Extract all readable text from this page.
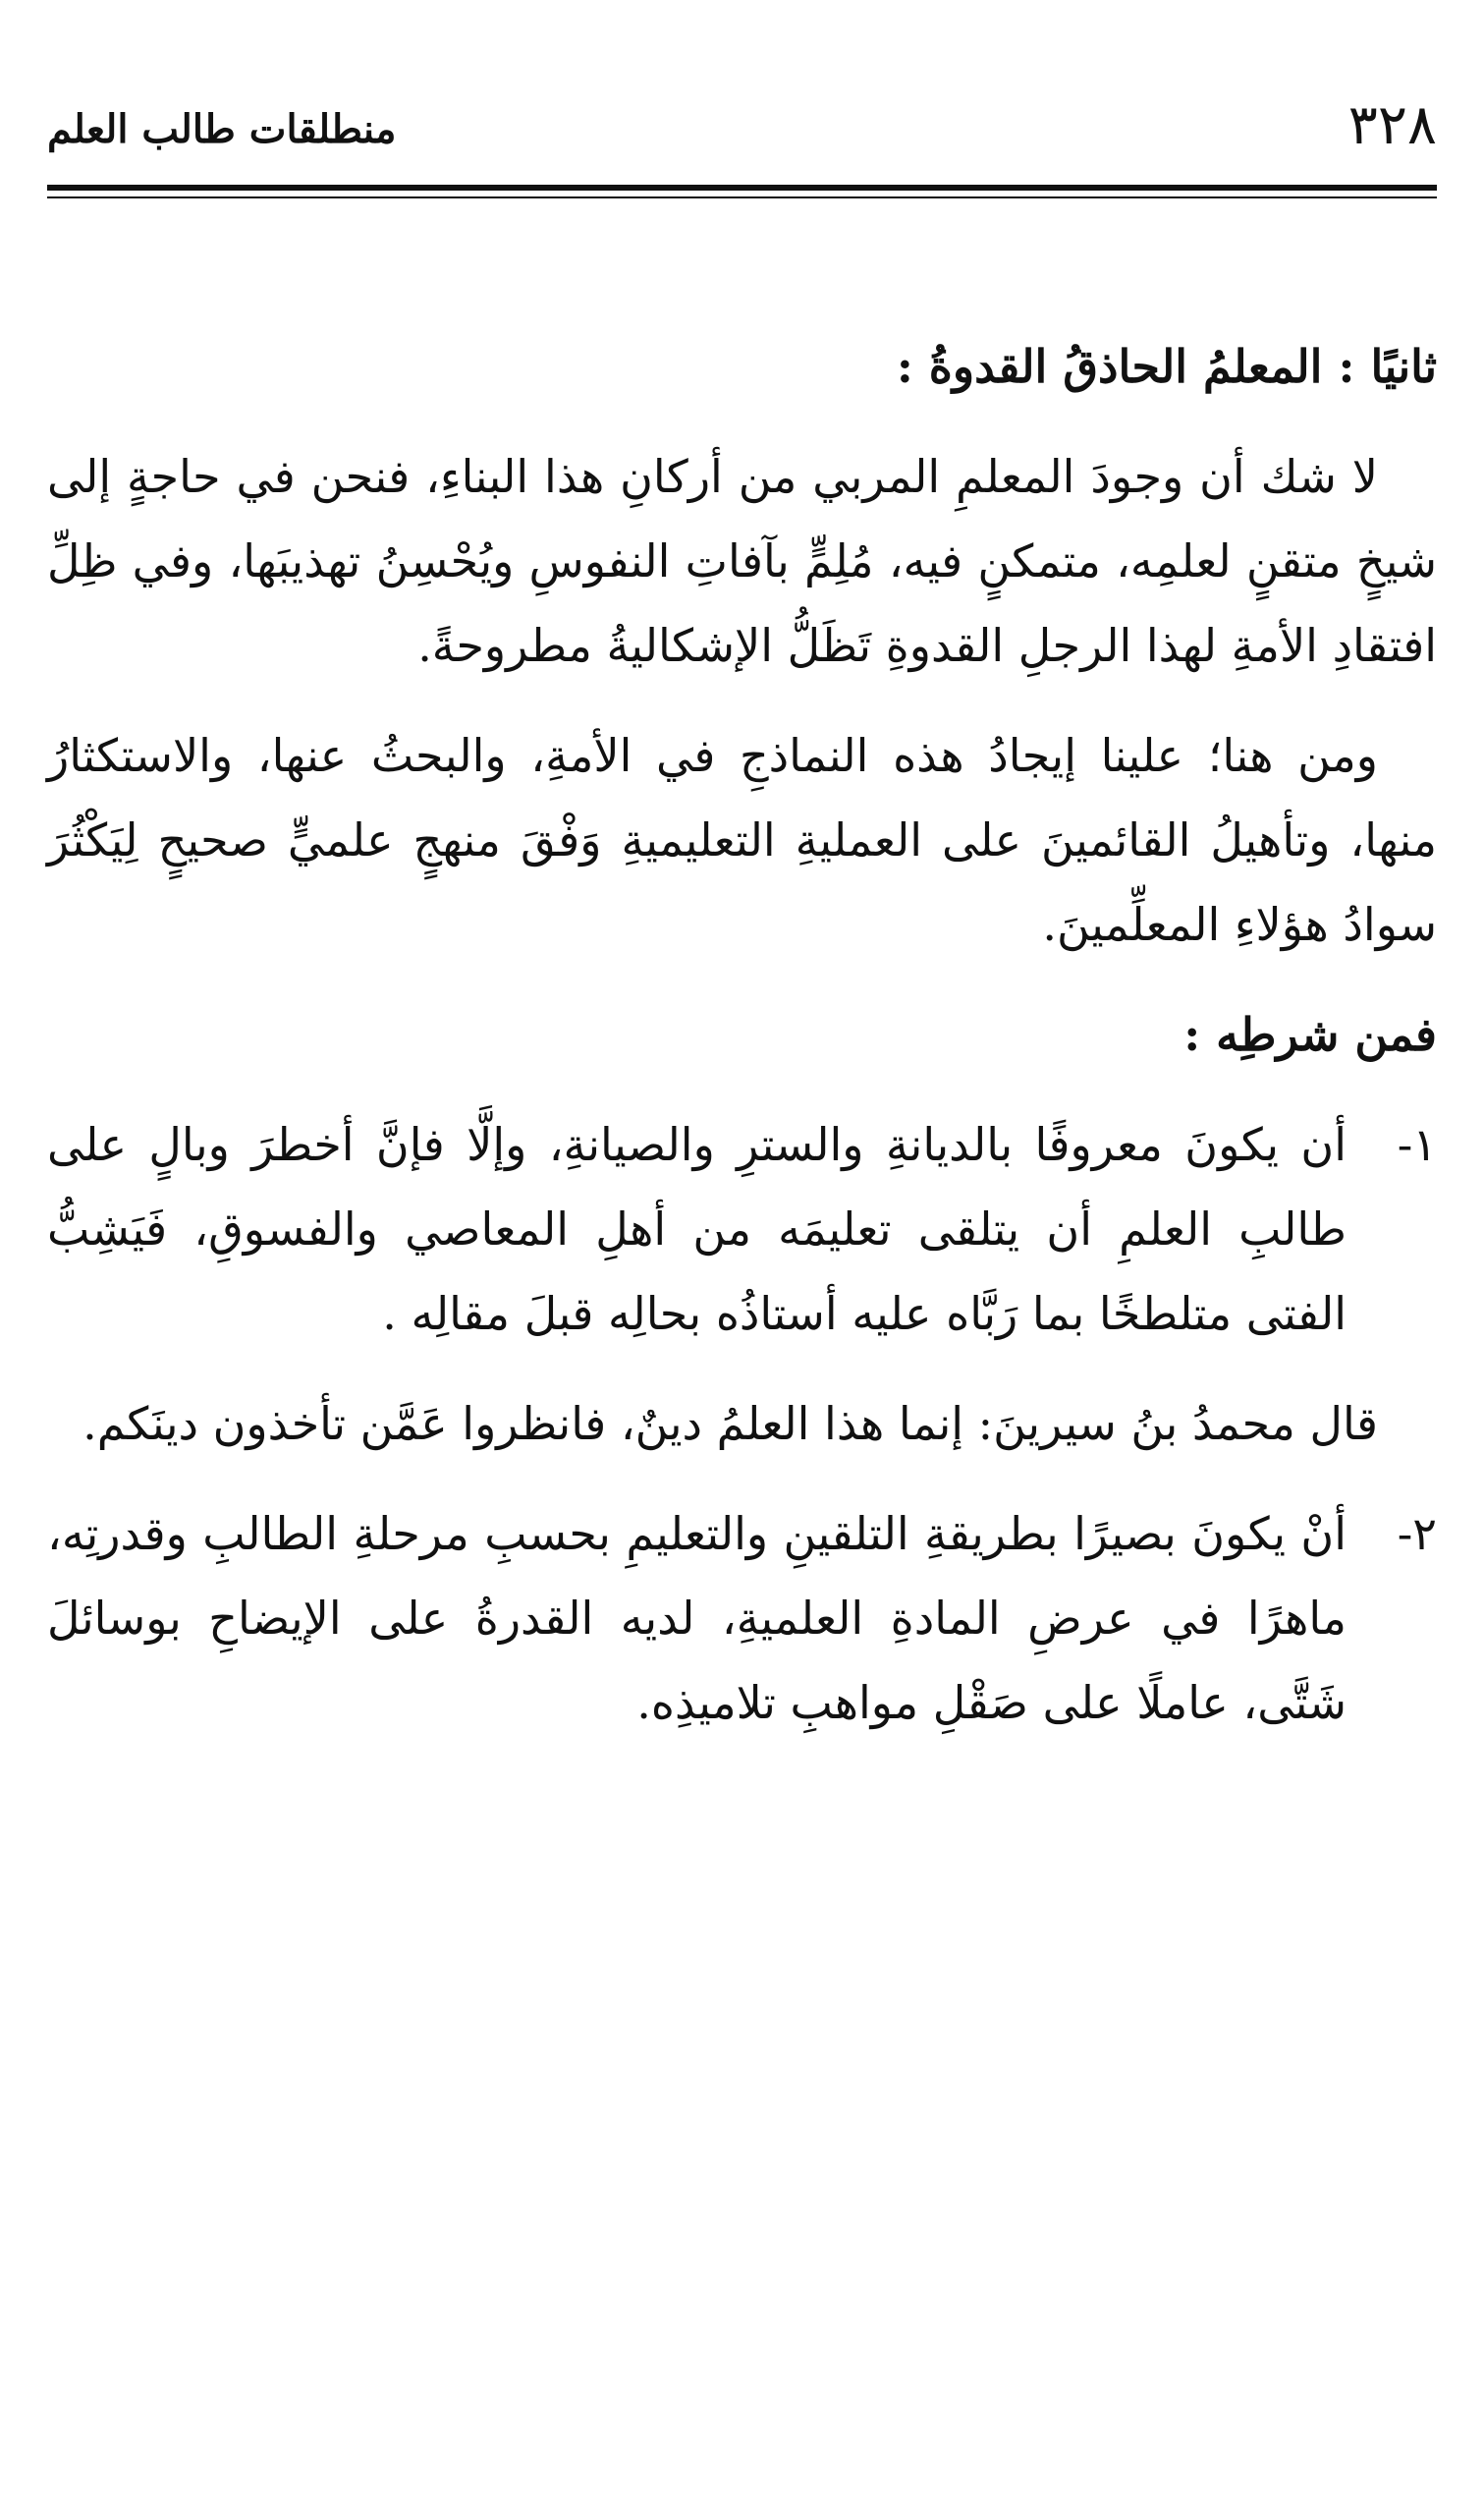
٣٢٨
منطلقات طالب العلم

ثانيًا : المعلمُ الحاذقُ القدوةُ :

لا شك أن وجودَ المعلمِ المربي من أركانِ هذا البناءِ، فنحن في حاجةٍ إلى شيخٍ متقنٍ لعلمِه، متمكنٍ فيه، مُلِمٍّ بآفاتِ النفوسِ ويُحْسِنُ تهذيبَها، وفي ظِلِّ افتقادِ الأمةِ لهذا الرجلِ القدوةِ تَظَلُّ الإشكاليةُ مطروحةً.

ومن هنا؛ علينا إيجادُ هذه النماذجِ في الأمةِ، والبحثُ عنها، والاستكثارُ منها، وتأهيلُ القائمينَ على العمليةِ التعليميةِ وَفْقَ منهجٍ علميٍّ صحيحٍ لِيَكْثُرَ سوادُ هؤلاءِ المعلِّمينَ.

فمن شرطِه :

١-أن يكونَ معروفًا بالديانةِ والسترِ والصيانةِ، وإلَّا فإنَّ أخطرَ وبالٍ على طالبِ العلمِ أن يتلقى تعليمَه من أهلِ المعاصي والفسوقِ، فَيَشِبُّ الفتى متلطخًا بما رَبَّاه عليه أستاذُه بحالِه قبلَ مقالِه .

قال محمدُ بنُ سيرينَ: إنما هذا العلمُ دينٌ، فانظروا عَمَّن تأخذون دينَكم.

٢-أنْ يكونَ بصيرًا بطريقةِ التلقينِ والتعليمِ بحسبِ مرحلةِ الطالبِ وقدرتِه، ماهرًا في عرضِ المادةِ العلميةِ، لديه القدرةُ على الإيضاحِ بوسائلَ شَتَّى، عاملًا على صَقْلِ مواهبِ تلاميذِه.
